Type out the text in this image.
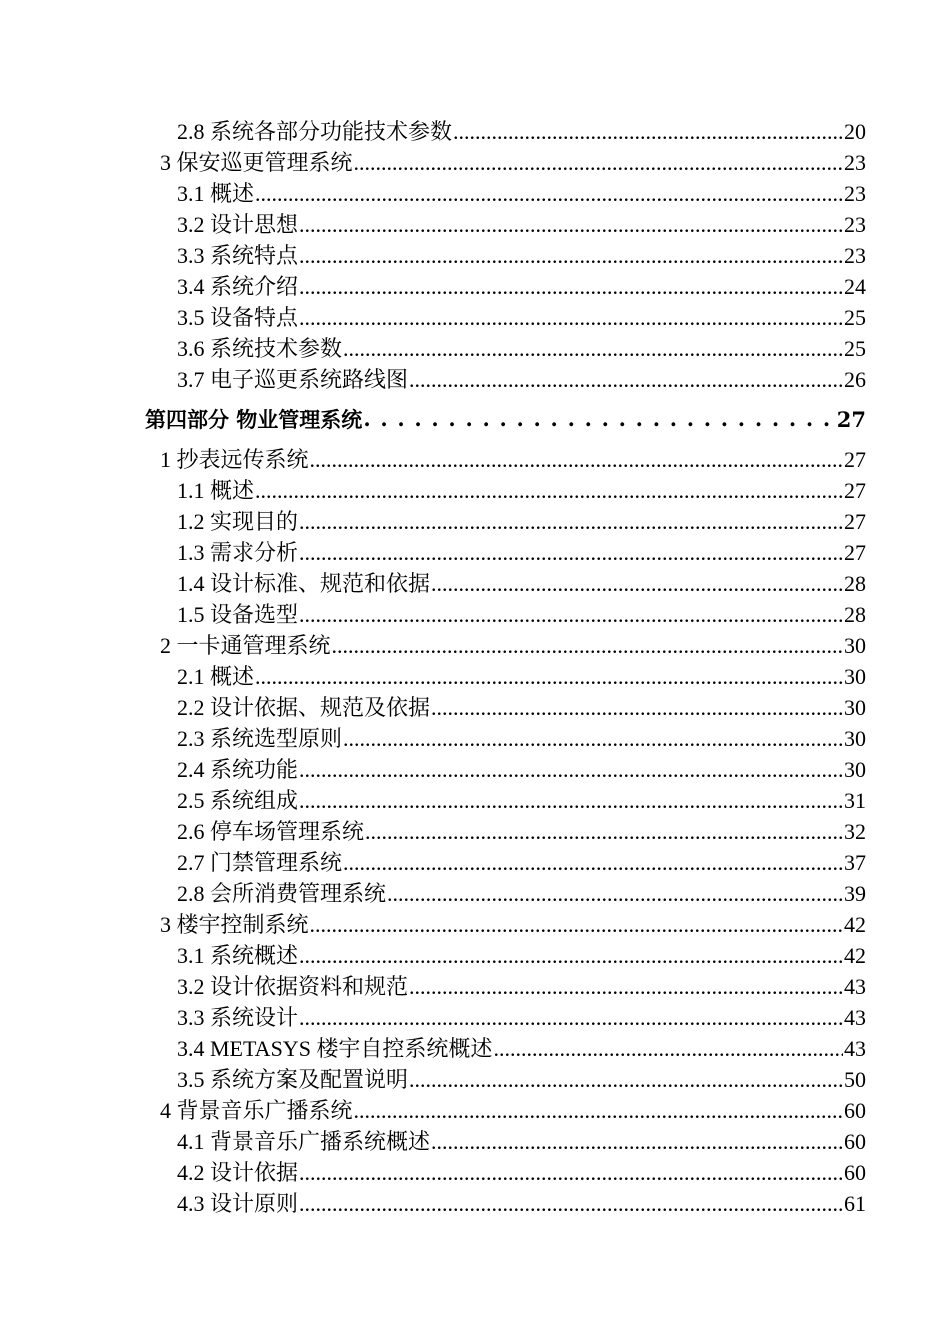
2.8 系统各部分功能技术参数 .....	20
3 保安巡更管理系统 .....	23
3.1 概述 .....	23
3.2 设计思想 .....	23
3.3 系统特点 .....	23
3.4 系统介绍 .....	24
3.5 设备特点 .....	25
3.6 系统技术参数 .....	25
3.7 电子巡更系统路线图 .....	26
第四部分 物业管理系统 . . .	27
1 抄表远传系统 .....	27
1.1 概述 .....	27
1.2 实现目的 .....	27
1.3 需求分析 .....	27
1.4 设计标准、规范和依据 .....	28
1.5 设备选型 .....	28
2 一卡通管理系统 .....	30
2.1 概述 .....	30
2.2 设计依据、规范及依据 .....	30
2.3 系统选型原则 .....	30
2.4 系统功能 .....	30
2.5 系统组成 .....	31
2.6 停车场管理系统 .....	32
2.7 门禁管理系统 .....	37
2.8 会所消费管理系统 .....	39
3 楼宇控制系统 .....	42
3.1 系统概述 .....	42
3.2 设计依据资料和规范 .....	43
3.3 系统设计 .....	43
3.4 METASYS 楼宇自控系统概述 .....	43
3.5 系统方案及配置说明 .....	50
4 背景音乐广播系统 .....	60
4.1 背景音乐广播系统概述 .....	60
4.2 设计依据 .....	60
4.3 设计原则 .....	61
